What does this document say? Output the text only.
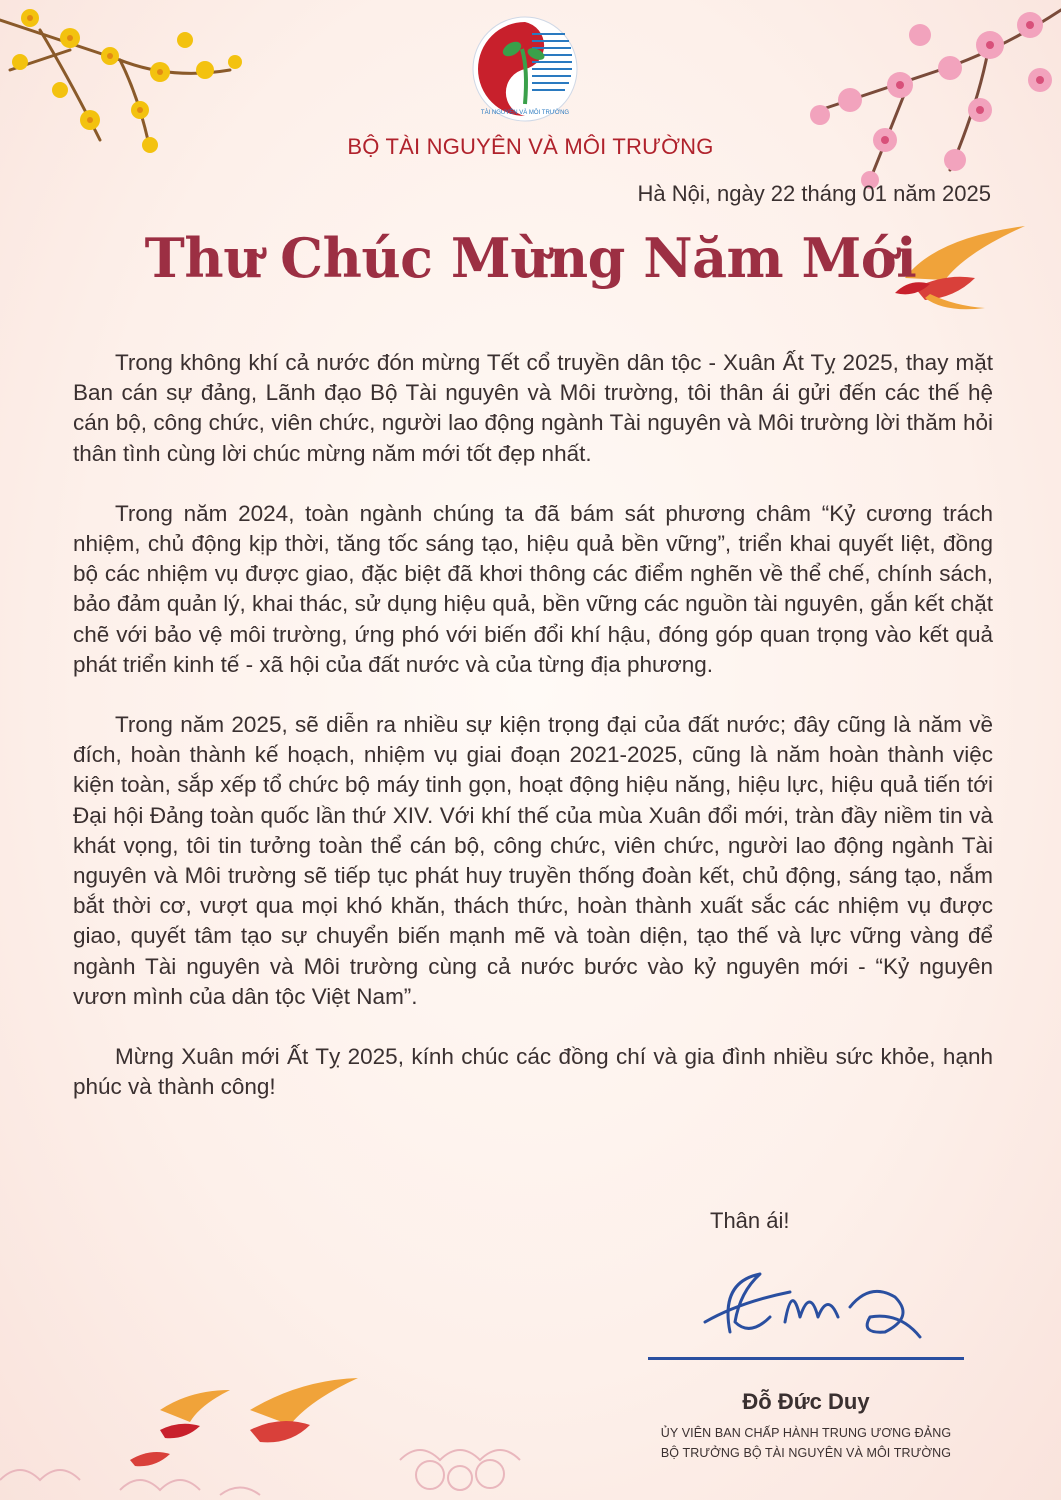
TÀI NGUYÊN VÀ MÔI TRƯỜNG
BỘ TÀI NGUYÊN VÀ MÔI TRƯỜNG
Hà Nội, ngày 22 tháng 01 năm 2025
Thư Chúc Mừng Năm Mới

Trong không khí cả nước đón mừng Tết cổ truyền dân tộc - Xuân Ất Tỵ 2025, thay mặt Ban cán sự đảng, Lãnh đạo Bộ Tài nguyên và Môi trường, tôi thân ái gửi đến các thế hệ cán bộ, công chức, viên chức, người lao động ngành Tài nguyên và Môi trường lời thăm hỏi thân tình cùng lời chúc mừng năm mới tốt đẹp nhất.

Trong năm 2024, toàn ngành chúng ta đã bám sát phương châm “Kỷ cương trách nhiệm, chủ động kịp thời, tăng tốc sáng tạo, hiệu quả bền vững”, triển khai quyết liệt, đồng bộ các nhiệm vụ được giao, đặc biệt đã khơi thông các điểm nghẽn về thể chế, chính sách, bảo đảm quản lý, khai thác, sử dụng hiệu quả, bền vững các nguồn tài nguyên, gắn kết chặt chẽ với bảo vệ môi trường, ứng phó với biến đổi khí hậu, đóng góp quan trọng vào kết quả phát triển kinh tế - xã hội của đất nước và của từng địa phương.

Trong năm 2025, sẽ diễn ra nhiều sự kiện trọng đại của đất nước; đây cũng là năm về đích, hoàn thành kế hoạch, nhiệm vụ giai đoạn 2021-2025, cũng là năm hoàn thành việc kiện toàn, sắp xếp tổ chức bộ máy tinh gọn, hoạt động hiệu năng, hiệu lực, hiệu quả tiến tới Đại hội Đảng toàn quốc lần thứ XIV. Với khí thế của mùa Xuân đổi mới, tràn đầy niềm tin và khát vọng, tôi tin tưởng toàn thể cán bộ, công chức, viên chức, người lao động ngành Tài nguyên và Môi trường sẽ tiếp tục phát huy truyền thống đoàn kết, chủ động, sáng tạo, nắm bắt thời cơ, vượt qua mọi khó khăn, thách thức, hoàn thành xuất sắc các nhiệm vụ được giao, quyết tâm tạo sự chuyển biến mạnh mẽ và toàn diện, tạo thế và lực vững vàng để ngành Tài nguyên và Môi trường cùng cả nước bước vào kỷ nguyên mới - “Kỷ nguyên vươn mình của dân tộc Việt Nam”.

Mừng Xuân mới Ất Tỵ 2025, kính chúc các đồng chí và gia đình nhiều sức khỏe, hạnh phúc và thành công!

Thân ái!
Đỗ Đức Duy
ỦY VIÊN BAN CHẤP HÀNH TRUNG ƯƠNG ĐẢNG
BỘ TRƯỞNG BỘ TÀI NGUYÊN VÀ MÔI TRƯỜNG
